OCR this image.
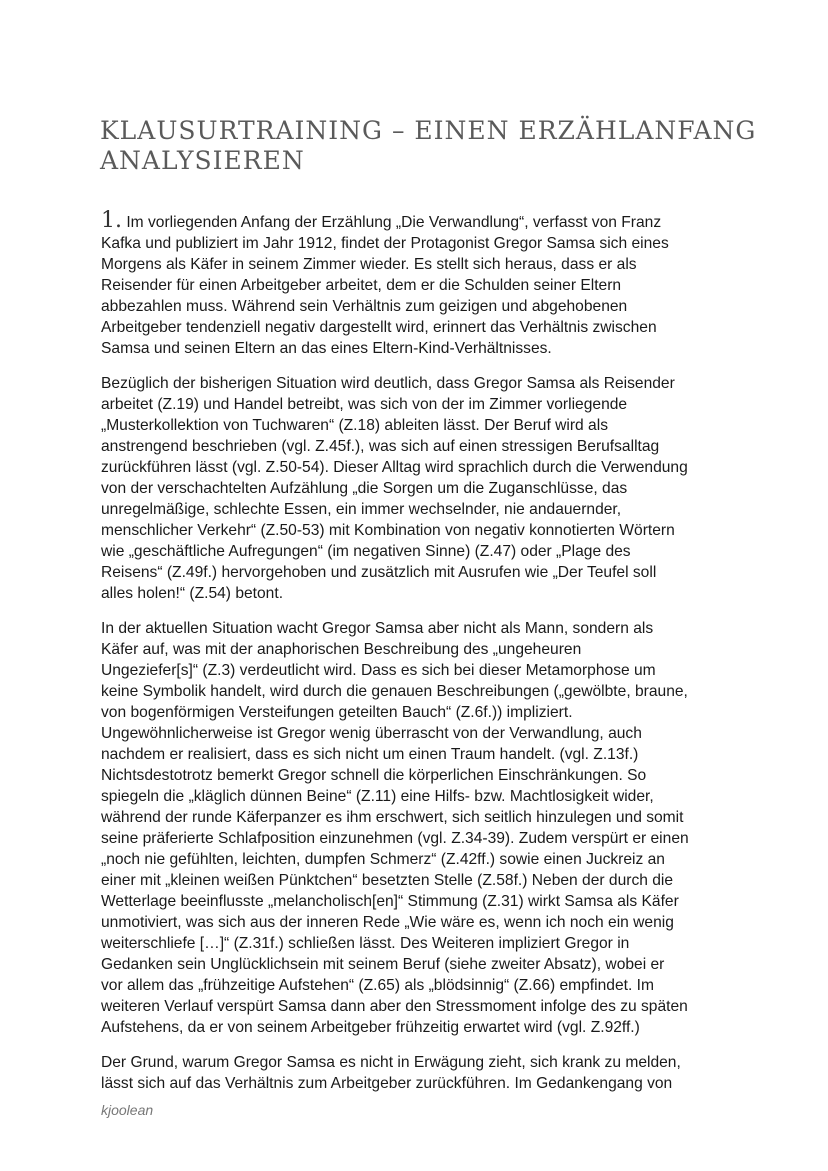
KLAUSURTRAINING – EINEN ERZÄHLANFANG
ANALYSIEREN

1. Im vorliegenden Anfang der Erzählung „Die Verwandlung“, verfasst von Franz
Kafka und publiziert im Jahr 1912, findet der Protagonist Gregor Samsa sich eines
Morgens als Käfer in seinem Zimmer wieder. Es stellt sich heraus, dass er als
Reisender für einen Arbeitgeber arbeitet, dem er die Schulden seiner Eltern
abbezahlen muss. Während sein Verhältnis zum geizigen und abgehobenen
Arbeitgeber tendenziell negativ dargestellt wird, erinnert das Verhältnis zwischen
Samsa und seinen Eltern an das eines Eltern-Kind-Verhältnisses.

Bezüglich der bisherigen Situation wird deutlich, dass Gregor Samsa als Reisender
arbeitet (Z.19) und Handel betreibt, was sich von der im Zimmer vorliegende
„Musterkollektion von Tuchwaren“ (Z.18) ableiten lässt. Der Beruf wird als
anstrengend beschrieben (vgl. Z.45f.), was sich auf einen stressigen Berufsalltag
zurückführen lässt (vgl. Z.50-54). Dieser Alltag wird sprachlich durch die Verwendung
von der verschachtelten Aufzählung „die Sorgen um die Zuganschlüsse, das
unregelmäßige, schlechte Essen, ein immer wechselnder, nie andauernder,
menschlicher Verkehr“ (Z.50-53) mit Kombination von negativ konnotierten Wörtern
wie „geschäftliche Aufregungen“ (im negativen Sinne) (Z.47) oder „Plage des
Reisens“ (Z.49f.) hervorgehoben und zusätzlich mit Ausrufen wie „Der Teufel soll
alles holen!“ (Z.54) betont.

In der aktuellen Situation wacht Gregor Samsa aber nicht als Mann, sondern als
Käfer auf, was mit der anaphorischen Beschreibung des „ungeheuren
Ungeziefer[s]“ (Z.3) verdeutlicht wird. Dass es sich bei dieser Metamorphose um
keine Symbolik handelt, wird durch die genauen Beschreibungen („gewölbte, braune,
von bogenförmigen Versteifungen geteilten Bauch“ (Z.6f.)) impliziert.
Ungewöhnlicherweise ist Gregor wenig überrascht von der Verwandlung, auch
nachdem er realisiert, dass es sich nicht um einen Traum handelt. (vgl. Z.13f.)
Nichtsdestotrotz bemerkt Gregor schnell die körperlichen Einschränkungen. So
spiegeln die „kläglich dünnen Beine“ (Z.11) eine Hilfs- bzw. Machtlosigkeit wider,
während der runde Käferpanzer es ihm erschwert, sich seitlich hinzulegen und somit
seine präferierte Schlafposition einzunehmen (vgl. Z.34-39). Zudem verspürt er einen
„noch nie gefühlten, leichten, dumpfen Schmerz“ (Z.42ff.) sowie einen Juckreiz an
einer mit „kleinen weißen Pünktchen“ besetzten Stelle (Z.58f.) Neben der durch die
Wetterlage beeinflusste „melancholisch[en]“ Stimmung (Z.31) wirkt Samsa als Käfer
unmotiviert, was sich aus der inneren Rede „Wie wäre es, wenn ich noch ein wenig
weiterschliefe […]“ (Z.31f.) schließen lässt. Des Weiteren impliziert Gregor in
Gedanken sein Unglücklichsein mit seinem Beruf (siehe zweiter Absatz), wobei er
vor allem das „frühzeitige Aufstehen“ (Z.65) als „blödsinnig“ (Z.66) empfindet. Im
weiteren Verlauf verspürt Samsa dann aber den Stressmoment infolge des zu späten
Aufstehens, da er von seinem Arbeitgeber frühzeitig erwartet wird (vgl. Z.92ff.)

Der Grund, warum Gregor Samsa es nicht in Erwägung zieht, sich krank zu melden,
lässt sich auf das Verhältnis zum Arbeitgeber zurückführen. Im Gedankengang von

kjoolean
